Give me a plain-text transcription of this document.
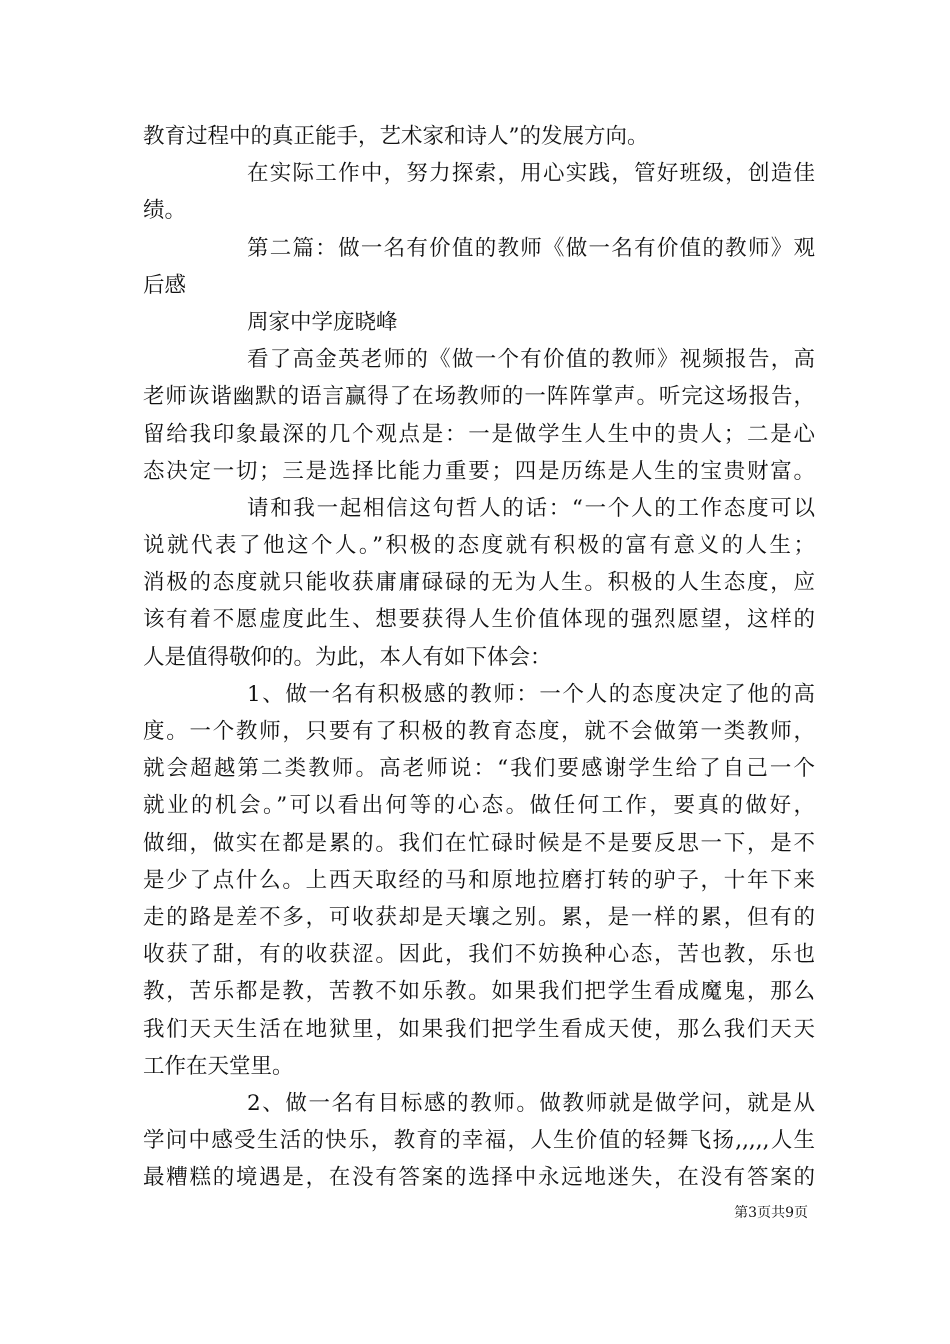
教育过程中的真正能手，艺术家和诗人”的发展方向。
在实际工作中，努力探索，用心实践，管好班级，创造佳
绩。
第二篇：做一名有价值的教师《做一名有价值的教师》观
后感
周家中学庞晓峰
看了高金英老师的《做一个有价值的教师》视频报告，高
老师诙谐幽默的语言赢得了在场教师的一阵阵掌声。听完这场报告，
留给我印象最深的几个观点是：一是做学生人生中的贵人；二是心
态决定一切；三是选择比能力重要；四是历练是人生的宝贵财富。
请和我一起相信这句哲人的话：“一个人的工作态度可以
说就代表了他这个人。”积极的态度就有积极的富有意义的人生；
消极的态度就只能收获庸庸碌碌的无为人生。积极的人生态度，应
该有着不愿虚度此生、想要获得人生价值体现的强烈愿望，这样的
人是值得敬仰的。为此，本人有如下体会：
1、做一名有积极感的教师：一个人的态度决定了他的高
度。一个教师，只要有了积极的教育态度，就不会做第一类教师，
就会超越第二类教师。高老师说：“我们要感谢学生给了自己一个
就业的机会。”可以看出何等的心态。做任何工作，要真的做好，
做细，做实在都是累的。我们在忙碌时候是不是要反思一下，是不
是少了点什么。上西天取经的马和原地拉磨打转的驴子，十年下来
走的路是差不多，可收获却是天壤之别。累，是一样的累，但有的
收获了甜，有的收获涩。因此，我们不妨换种心态，苦也教，乐也
教，苦乐都是教，苦教不如乐教。如果我们把学生看成魔鬼，那么
我们天天生活在地狱里，如果我们把学生看成天使，那么我们天天
工作在天堂里。
2、做一名有目标感的教师。做教师就是做学问，就是从
学问中感受生活的快乐，教育的幸福，人生价值的轻舞飞扬,,,,,人生
最糟糕的境遇是，在没有答案的选择中永远地迷失，在没有答案的
第3页共9页
